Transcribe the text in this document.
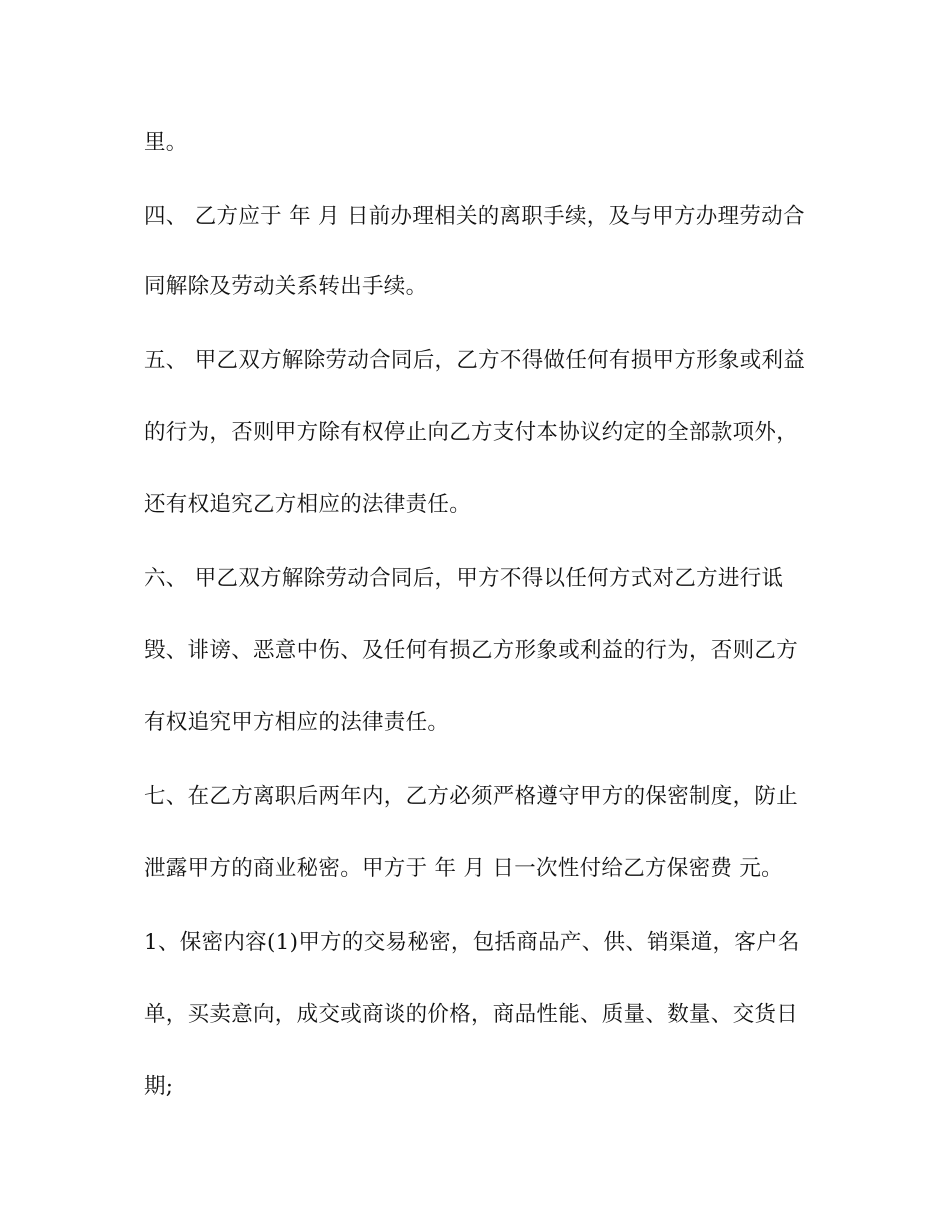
里。
四、 乙方应于 年 月 日前办理相关的离职手续，及与甲方办理劳动合
同解除及劳动关系转出手续。
五、 甲乙双方解除劳动合同后，乙方不得做任何有损甲方形象或利益
的行为，否则甲方除有权停止向乙方支付本协议约定的全部款项外，
还有权追究乙方相应的法律责任。
六、 甲乙双方解除劳动合同后，甲方不得以任何方式对乙方进行诋
毁、诽谤、恶意中伤、及任何有损乙方形象或利益的行为，否则乙方
有权追究甲方相应的法律责任。
七、在乙方离职后两年内，乙方必须严格遵守甲方的保密制度，防止
泄露甲方的商业秘密。甲方于 年 月 日一次性付给乙方保密费 元。
1、保密内容(1)甲方的交易秘密，包括商品产、供、销渠道，客户名
单，买卖意向，成交或商谈的价格，商品性能、质量、数量、交货日
期;
